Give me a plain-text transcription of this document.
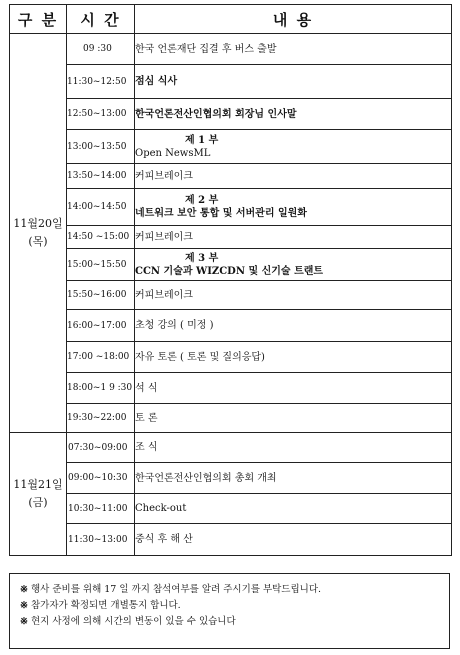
구 분	시 간	내 용
11월20일
(목)	09 :30	한국 언론재단 집결 후 버스 출발
	11:30~12:50	점심 식사
	12:50~13:00	한국언론전산인협의회 회장님 인사말
	13:00~13:50	제 1 부
Open NewsML
	13:50~14:00	커피브레이크
	14:00~14:50	제 2 부
네트워크 보안 통합 및 서버관리 일원화
	14:50 ~15:00	커피브레이크
	15:00~15:50	제 3 부
CCN 기술과 WIZCDN 및 신기술 트랜트
	15:50~16:00	커피브레이크
	16:00~17:00	초청 강의 ( 미정 )
	17:00 ~18:00	자유 토론 ( 토론 및 질의응답)
	18:00~1 9 :30	석 식
	19:30~22:00	토 론
11월21일
(금)	07:30~09:00	조 식
	09:00~10:30	한국언론전산인협의회 총회 개최
	10:30~11:00	Check-out
	11:30~13:00	중식 후 해 산
※ 행사 준비를 위해 17 일 까지 참석여부를 알려 주시기를 부탁드립니다.
※ 참가자가 확정되면 개별통지 합니다.
※ 현지 사정에 의해 시간의 변동이 있을 수 있습니다
